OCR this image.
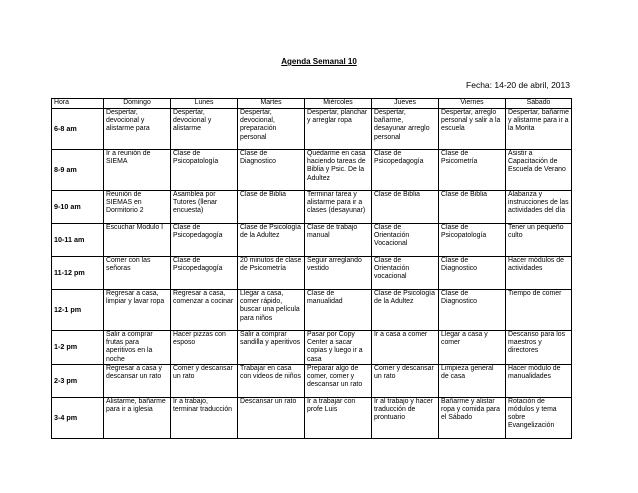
Agenda Semanal 10
Fecha: 14-20 de abril, 2013
Hora	Domingo	Lunes	Martes	Miércoles	Jueves	Viernes	Sábado
6-8 am	Despertar, devocional y alistarme para	Despertar, devocional y alistarme	Despertar, devocional, preparación personal	Despertar, planchar y arreglar ropa	Despertar, bañarme, desayunar arreglo personal	Despertar, arreglo personal y salir a la escuela	Despertar, bañarme y alistarme para ir a la Morita
8-9 am	Ir a reunión de SIEMA	Clase de Psicopatología	Clase de Diagnostico	Quedarme en casa haciendo tareas de Biblia y Psic. De la Adultez	Clase de Psicopedagogía	Clase de Psicometría	Asistir a Capacitación de Escuela de Verano
9-10 am	Reunión de SIEMAS en Dormitorio 2	Asamblea por Tutores (llenar encuesta)	Clase de Biblia	Terminar tarea y alistarme para ir a clases (desayunar)	Clase de Biblia	Clase de Biblia	Alabanza y instrucciones de las actividades del día
10-11 am	Escuchar Modulo I	Clase de Psicopedagogía	Clase de Psicología de la Adultez	Clase de trabajo manual	Clase de Orientación Vocacional	Clase de Psicopatología	Tener un pequeño culto
11-12 pm	Comer con las señoras	Clase de Psicopedagogía	20 minutos de clase de Psicometría	Seguir arreglando vestido	Clase de Orientación vocacional	Clase de Diagnostico	Hacer módulos de actividades
12-1 pm	Regresar a casa, limpiar y lavar ropa	Regresar a casa, comenzar a cocinar	Llegar a casa, comer rápido, buscar una película para niños	Clase de manualidad	Clase de Psicología de la Adultez	Clase de Diagnostico	Tiempo de comer
1-2 pm	Salir a comprar frutas para aperitivos en la noche	Hacer pizzas con esposo	Salir a comprar sandilla y aperitivos	Pasar por Copy Center a sacar copias y luego ir a casa	Ir a casa a comer	Llegar a casa y comer	Descanso para los maestros y directores
2-3 pm	Regresar a casa y descansar un rato	Comer y descansar un rato	Trabajar en casa con videos de niños	Preparar algo de comer, comer y descansar un rato	Comer y descansar un rato	Limpieza general de casa	Hacer módulo de manualidades
3-4 pm	Alistarme, bañarme para ir a iglesia	Ir a trabajo, terminar traducción	Descansar un rato	Ir a trabajar con profe Luis	Ir al trabajo y hacer traducción de prontuario	Bañarme y alistar ropa y comida para el Sábado	Rotación de módulos y tema sobre Evangelización
